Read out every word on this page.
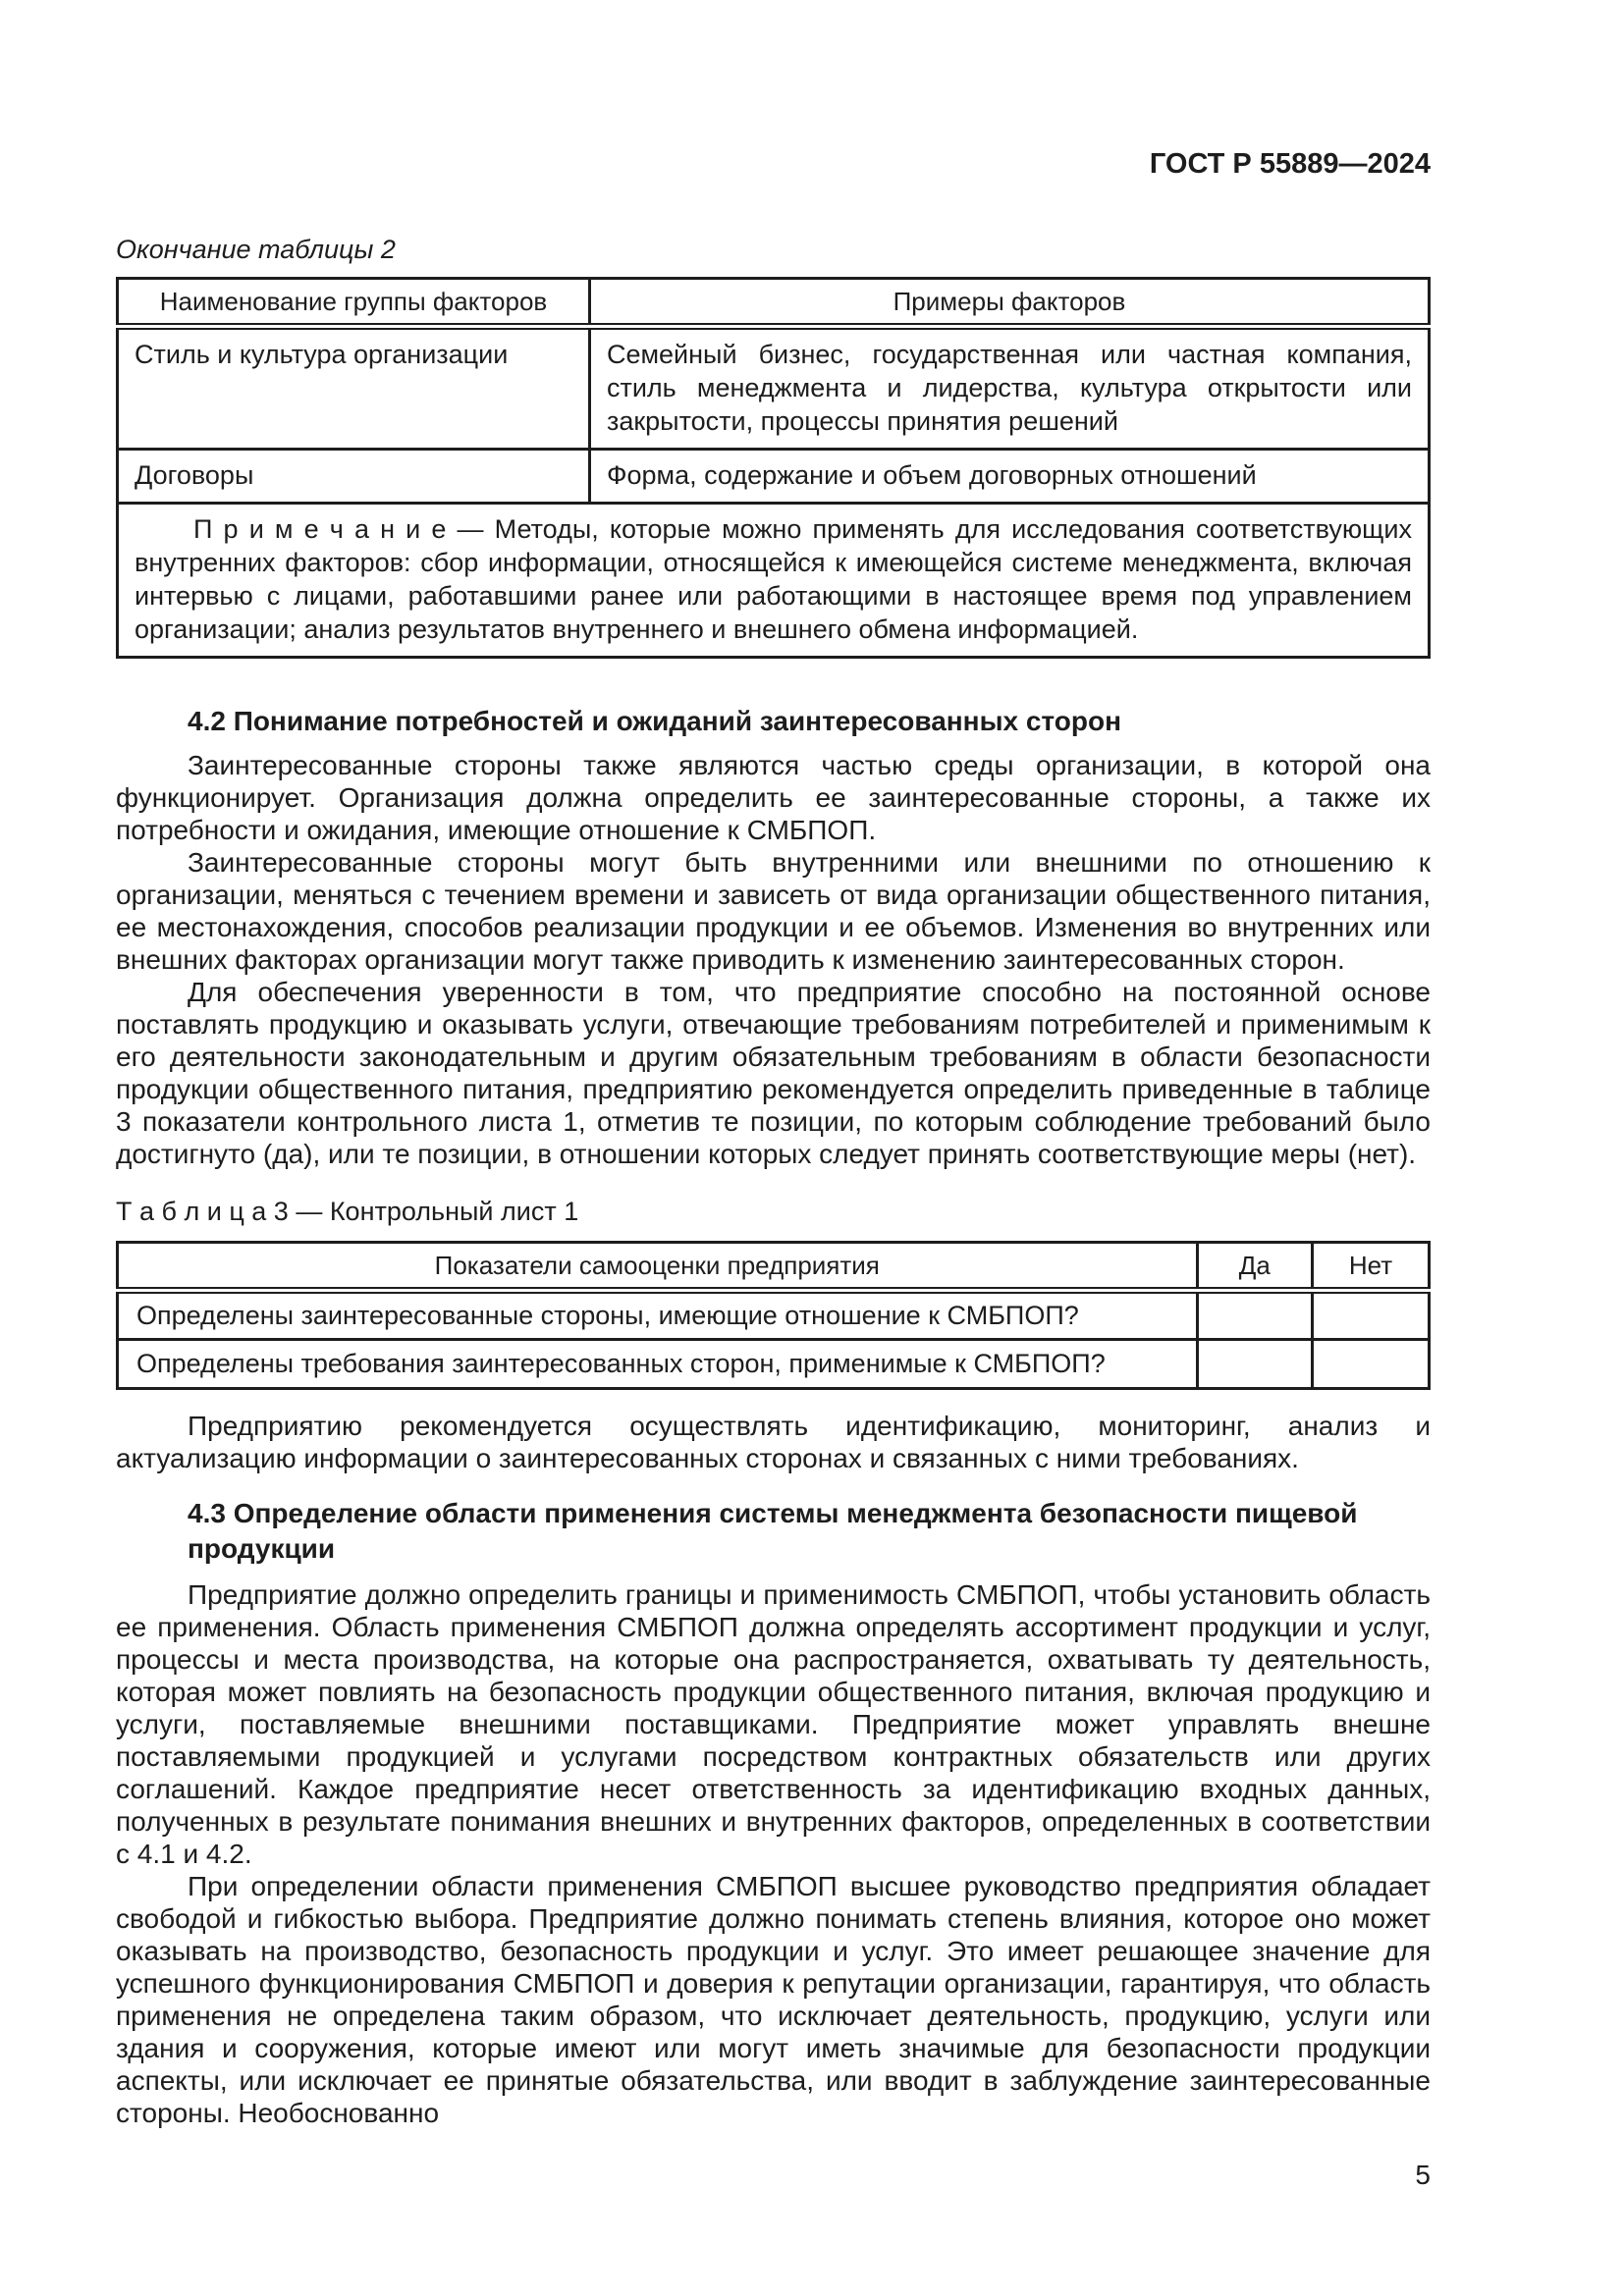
ГОСТ Р 55889—2024

Окончание таблицы 2

Наименование группы факторов	Примеры факторов
Стиль и культура организации	Семейный бизнес, государственная или частная компания, стиль менеджмента и лидерства, культура открытости или закрытости, процессы принятия решений
Договоры	Форма, содержание и объем договорных отношений
П р и м е ч а н и е — Методы, которые можно применять для исследования соответствующих внутренних факторов: сбор информации, относящейся к имеющейся системе менеджмента, включая интервью с лицами, работавшими ранее или работающими в настоящее время под управлением организации; анализ результатов внутреннего и внешнего обмена информацией.	
4.2 Понимание потребностей и ожиданий заинтересованных сторон

Заинтересованные стороны также являются частью среды организации, в которой она функционирует. Организация должна определить ее заинтересованные стороны, а также их потребности и ожидания, имеющие отношение к СМБПОП.

Заинтересованные стороны могут быть внутренними или внешними по отношению к организации, меняться с течением времени и зависеть от вида организации общественного питания, ее местонахождения, способов реализации продукции и ее объемов. Изменения во внутренних или внешних факторах организации могут также приводить к изменению заинтересованных сторон.

Для обеспечения уверенности в том, что предприятие способно на постоянной основе поставлять продукцию и оказывать услуги, отвечающие требованиям потребителей и применимым к его деятельности законодательным и другим обязательным требованиям в области безопасности продукции общественного питания, предприятию рекомендуется определить приведенные в таблице 3 показатели контрольного листа 1, отметив те позиции, по которым соблюдение требований было достигнуто (да), или те позиции, в отношении которых следует принять соответствующие меры (нет).

Т а б л и ц а 3 — Контрольный лист 1

Показатели самооценки предприятия	Да	Нет
Определены заинтересованные стороны, имеющие отношение к СМБПОП?		
Определены требования заинтересованных сторон, применимые к СМБПОП?		

Предприятию рекомендуется осуществлять идентификацию, мониторинг, анализ и актуализацию информации о заинтересованных сторонах и связанных с ними требованиях.

4.3 Определение области применения системы менеджмента безопасности пищевой продукции

Предприятие должно определить границы и применимость СМБПОП, чтобы установить область ее применения. Область применения СМБПОП должна определять ассортимент продукции и услуг, процессы и места производства, на которые она распространяется, охватывать ту деятельность, которая может повлиять на безопасность продукции общественного питания, включая продукцию и услуги, поставляемые внешними поставщиками. Предприятие может управлять внешне поставляемыми продукцией и услугами посредством контрактных обязательств или других соглашений. Каждое предприятие несет ответственность за идентификацию входных данных, полученных в результате понимания внешних и внутренних факторов, определенных в соответствии с 4.1 и 4.2.

При определении области применения СМБПОП высшее руководство предприятия обладает свободой и гибкостью выбора. Предприятие должно понимать степень влияния, которое оно может оказывать на производство, безопасность продукции и услуг. Это имеет решающее значение для успешного функционирования СМБПОП и доверия к репутации организации, гарантируя, что область применения не определена таким образом, что исключает деятельность, продукцию, услуги или здания и сооружения, которые имеют или могут иметь значимые для безопасности продукции аспекты, или исключает ее принятые обязательства, или вводит в заблуждение заинтересованные стороны. Необоснованно

5
